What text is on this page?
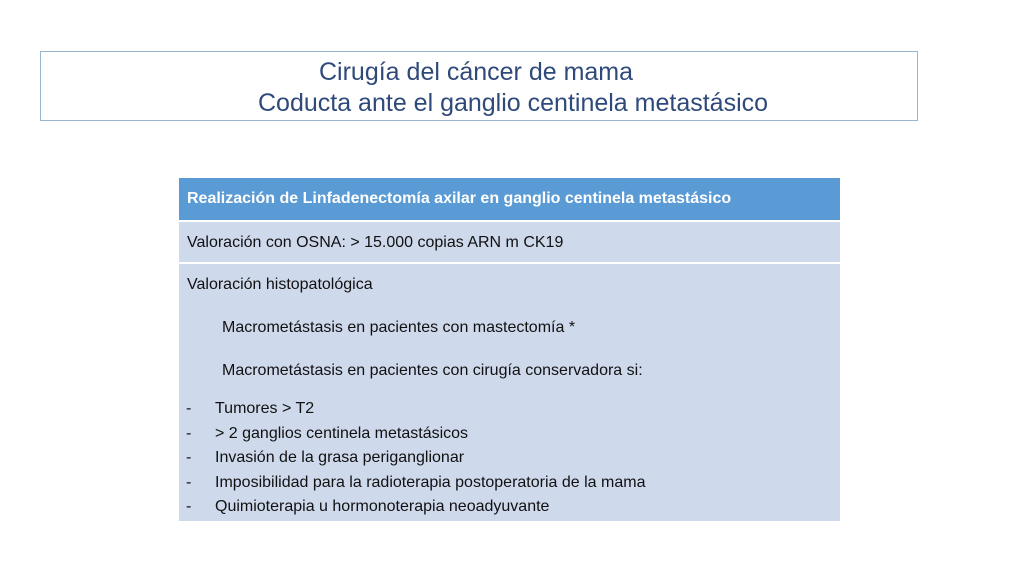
Cirugía del cáncer de mama
Coducta ante el ganglio centinela metastásico
Realización de Linfadenectomía axilar en ganglio centinela metastásico
Valoración con OSNA: > 15.000 copias ARN m CK19
Valoración histopatológica
Macrometástasis en pacientes con mastectomía *
Macrometástasis en pacientes con cirugía conservadora si:
-	Tumores > T2
-	> 2 ganglios centinela metastásicos
-	Invasión de la grasa periganglionar
-	Imposibilidad para la radioterapia postoperatoria de la mama
-	Quimioterapia u hormonoterapia neoadyuvante
